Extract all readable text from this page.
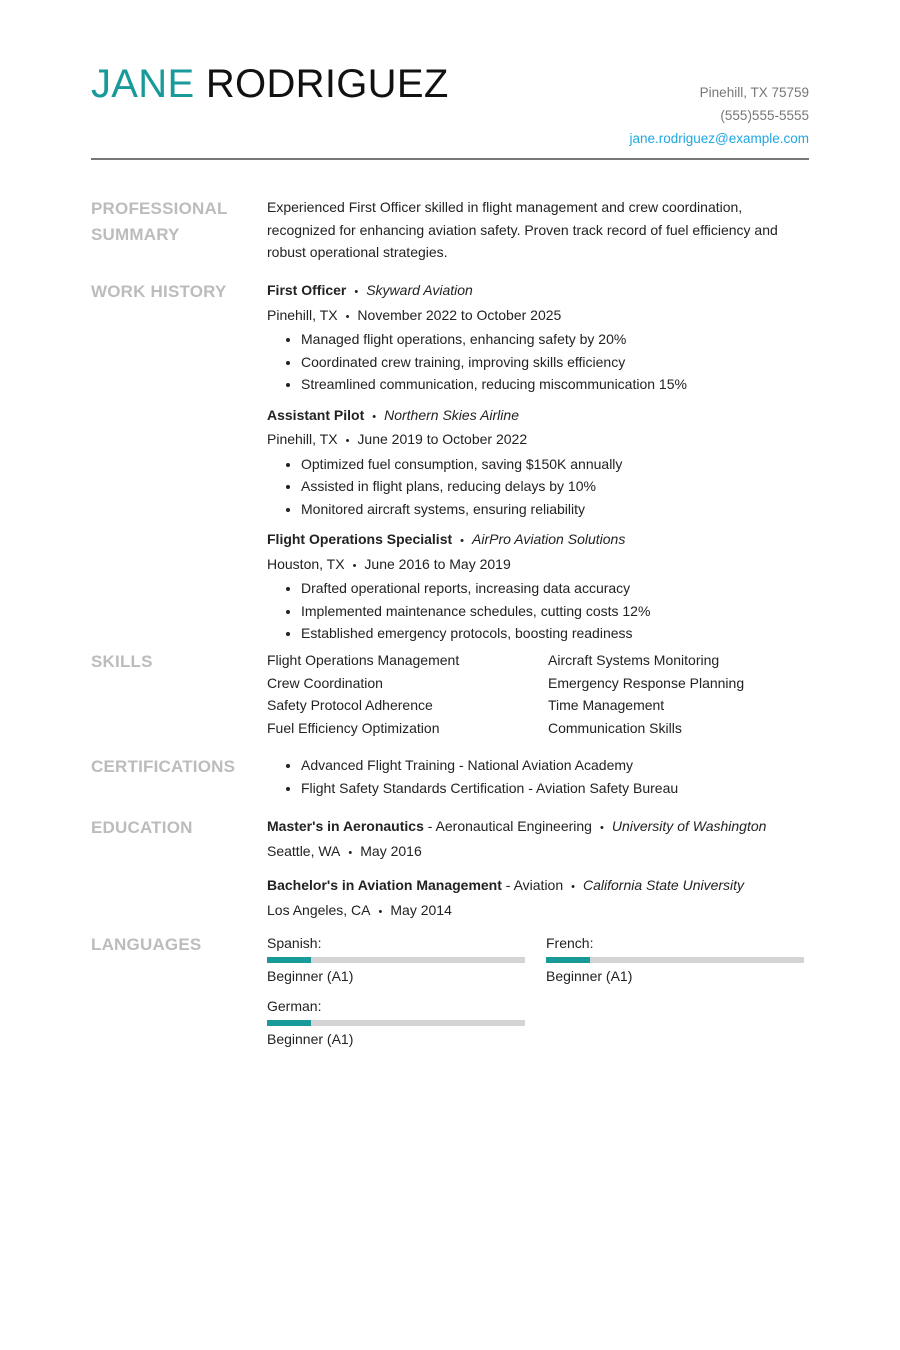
JANE RODRIGUEZ	Pinehill, TX 75759
(555)555-5555
jane.rodriguez@example.com
PROFESSIONAL
SUMMARY
Experienced First Officer skilled in flight management and crew coordination, recognized for enhancing aviation safety. Proven track record of fuel efficiency and robust operational strategies.
WORK HISTORY	First Officer • Skyward Aviation
Pinehill, TX • November 2022 to October 2025
• Managed flight operations, enhancing safety by 20%
• Coordinated crew training, improving skills efficiency
• Streamlined communication, reducing miscommunication 15%
Assistant Pilot • Northern Skies Airline
Pinehill, TX • June 2019 to October 2022
• Optimized fuel consumption, saving $150K annually
• Assisted in flight plans, reducing delays by 10%
• Monitored aircraft systems, ensuring reliability
Flight Operations Specialist • AirPro Aviation Solutions
Houston, TX • June 2016 to May 2019
• Drafted operational reports, increasing data accuracy
• Implemented maintenance schedules, cutting costs 12%
• Established emergency protocols, boosting readiness
SKILLS	Flight Operations Management	Aircraft Systems Monitoring
Crew Coordination	Emergency Response Planning
Safety Protocol Adherence	Time Management
Fuel Efficiency Optimization	Communication Skills
CERTIFICATIONS
•	Advanced Flight Training - National Aviation Academy
• Flight Safety Standards Certification - Aviation Safety Bureau
EDUCATION	Master's in Aeronautics - Aeronautical Engineering • University of Washington
Seattle, WA • May 2016
Bachelor's in Aviation Management - Aviation • California State University
Los Angeles, CA • May 2014
LANGUAGES	Spanish:
Beginner (A1)
French:
Beginner (A1)
German:
Beginner (A1)
